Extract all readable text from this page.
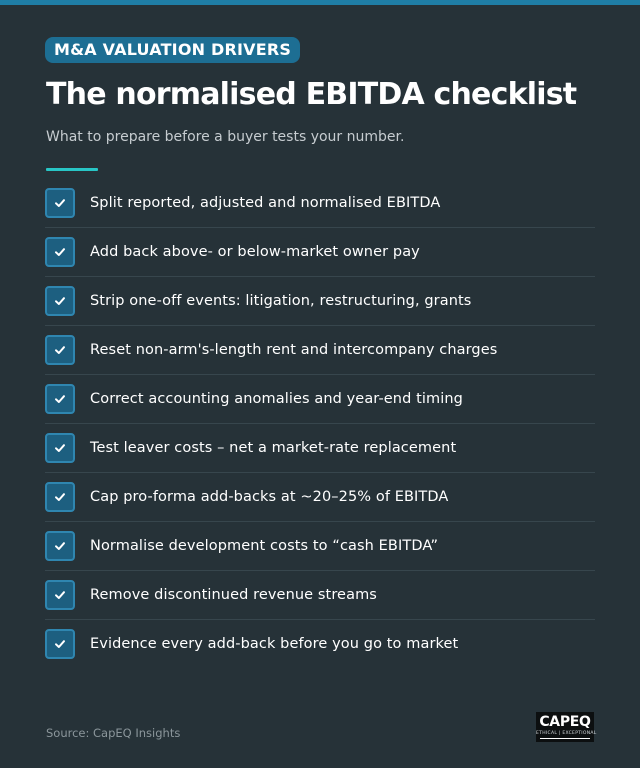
M&A VALUATION DRIVERS
The normalised EBITDA checklist
What to prepare before a buyer tests your number.
Split reported, adjusted and normalised EBITDA
Add back above- or below-market owner pay
Strip one-off events: litigation, restructuring, grants
Reset non-arm's-length rent and intercompany charges
Correct accounting anomalies and year-end timing
Test leaver costs – net a market-rate replacement
Cap pro-forma add-backs at ~20–25% of EBITDA
Normalise development costs to “cash EBITDA”
Remove discontinued revenue streams
Evidence every add-back before you go to market
Source: CapEQ Insights
CAPEQ
ETHICAL | EXCEPTIONAL
